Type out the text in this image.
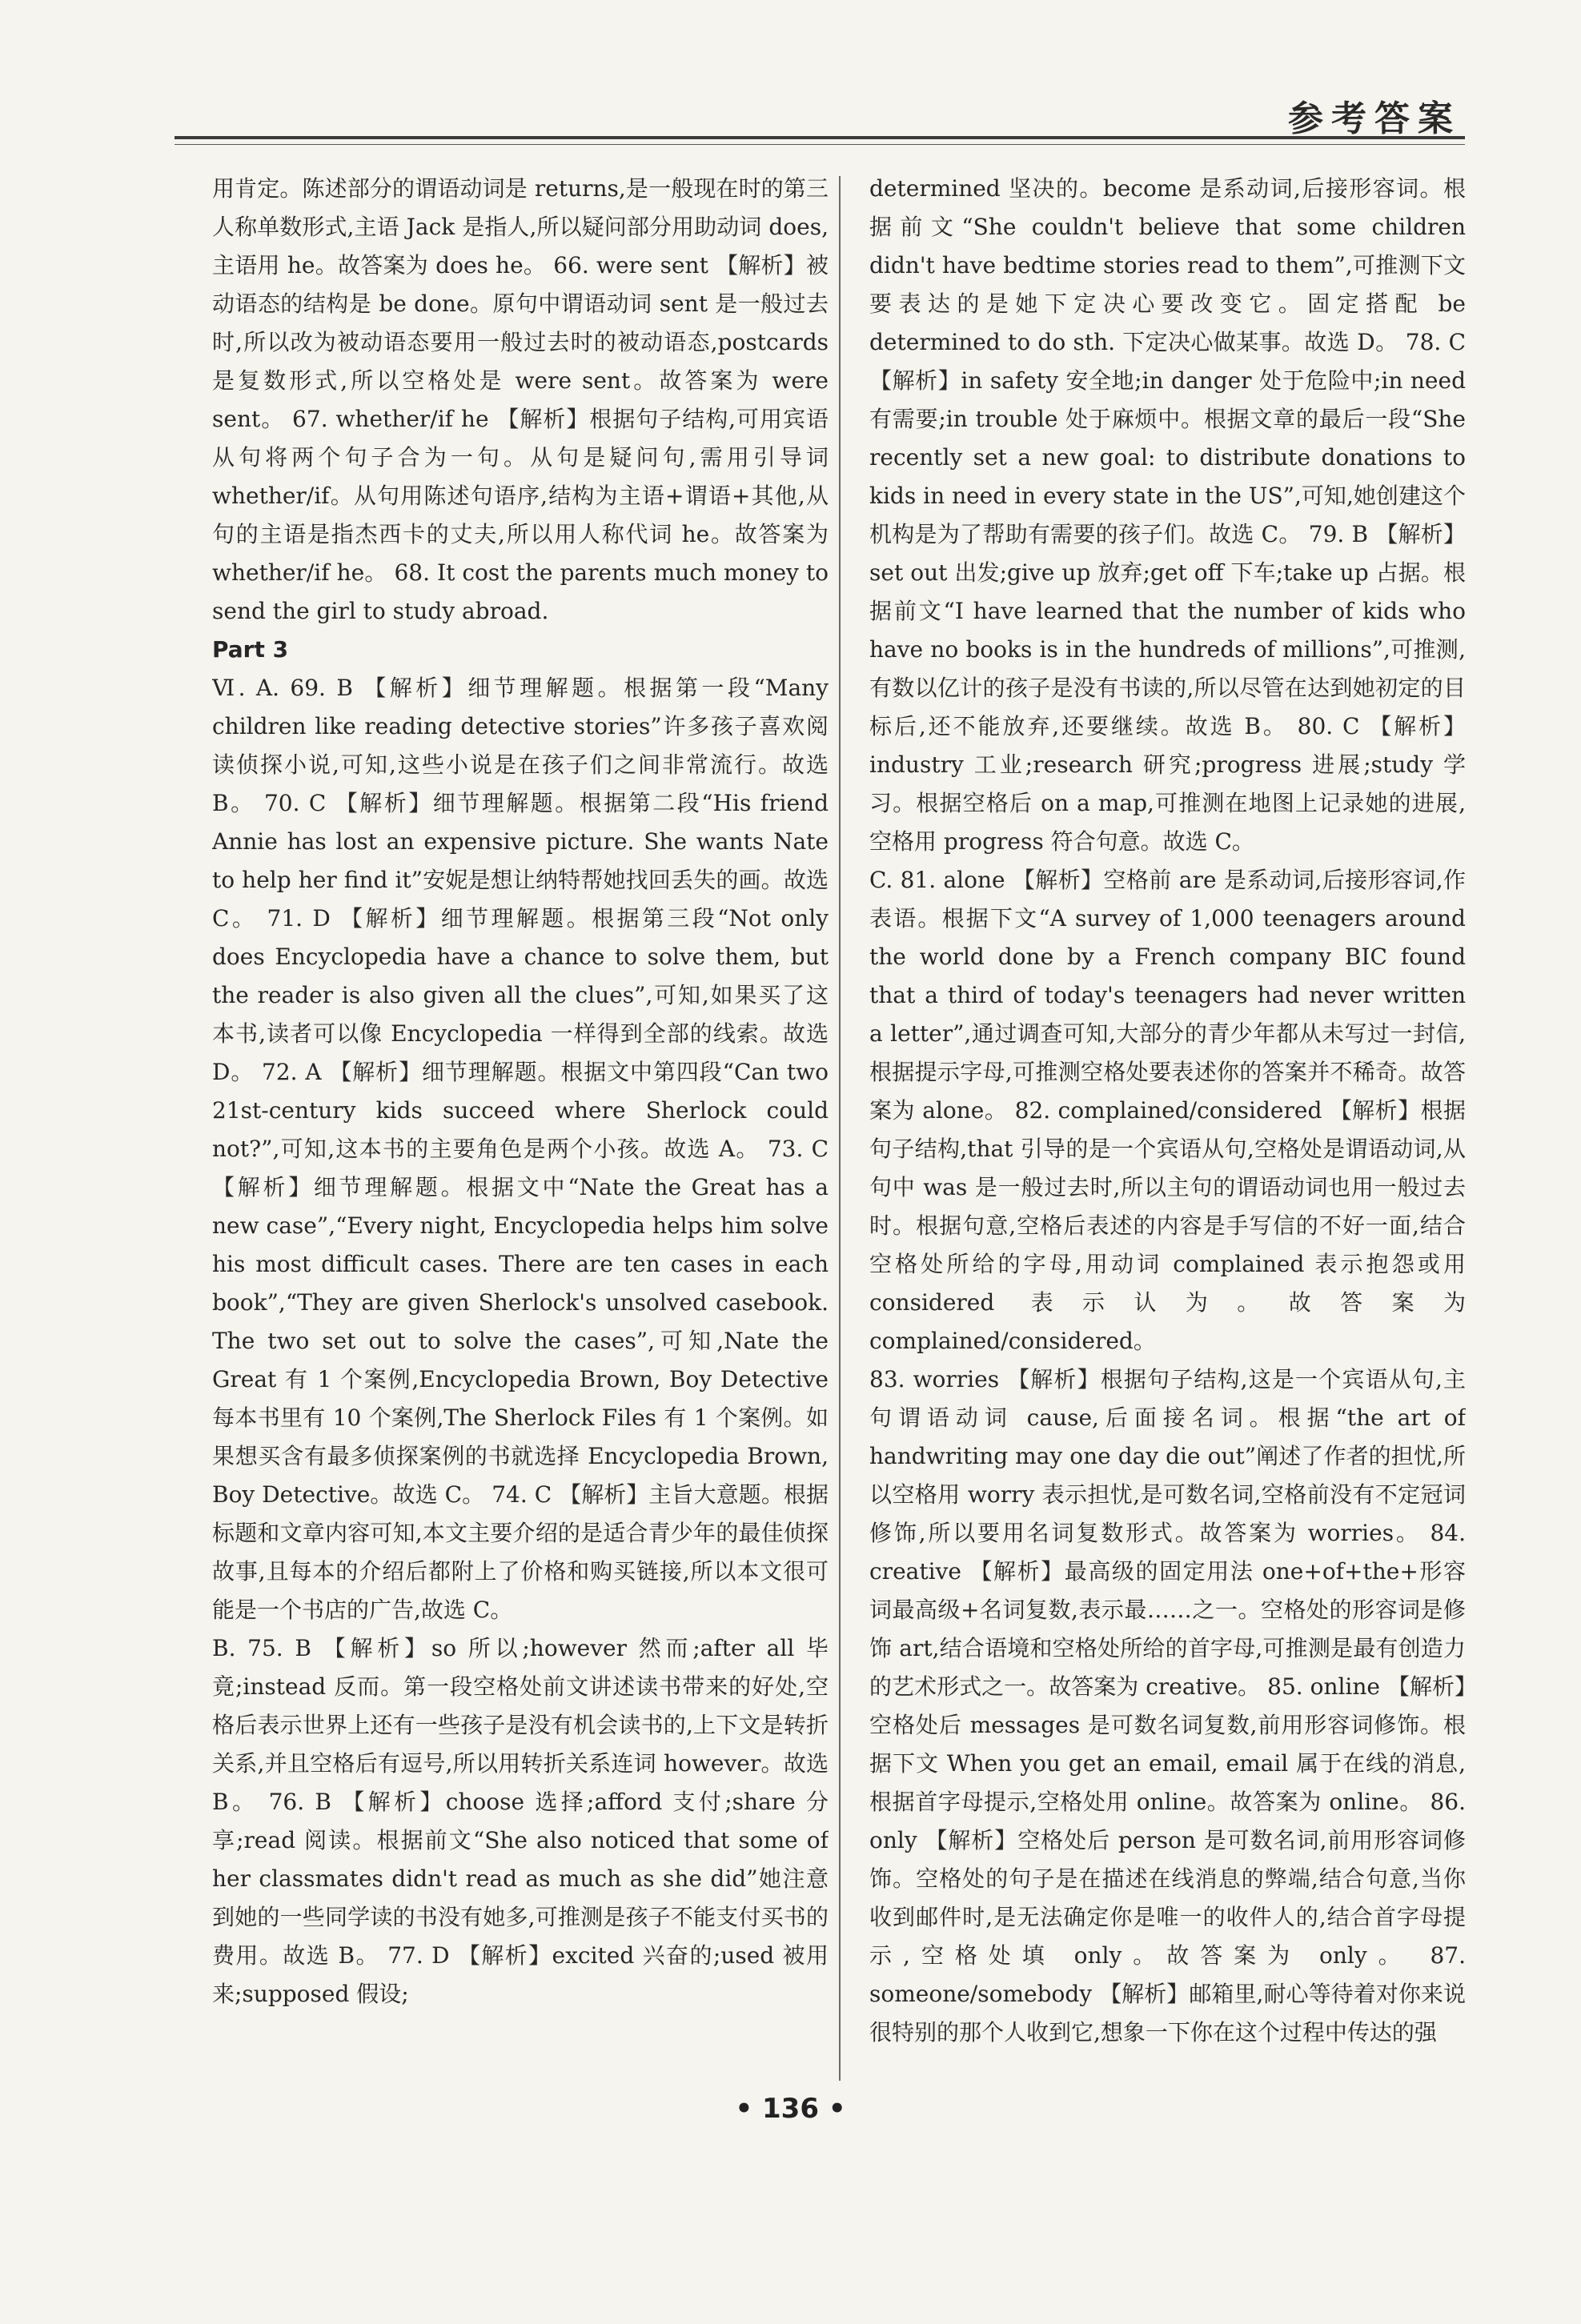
参考答案

用肯定。陈述部分的谓语动词是 returns,是一般现在时的第三人称单数形式,主语 Jack 是指人,所以疑问部分用助动词 does,主语用 he。故答案为 does he。 66. were sent 【解析】被动语态的结构是 be done。原句中谓语动词 sent 是一般过去时,所以改为被动语态要用一般过去时的被动语态,postcards 是复数形式,所以空格处是 were sent。故答案为 were sent。 67. whether/if he 【解析】根据句子结构,可用宾语从句将两个句子合为一句。从句是疑问句,需用引导词 whether/if。从句用陈述句语序,结构为主语+谓语+其他,从句的主语是指杰西卡的丈夫,所以用人称代词 he。故答案为 whether/if he。 68. It cost the parents much money to send the girl to study abroad.

Part 3

Ⅵ. A. 69. B 【解析】细节理解题。根据第一段“Many children like reading detective stories”许多孩子喜欢阅读侦探小说,可知,这些小说是在孩子们之间非常流行。故选 B。 70. C 【解析】细节理解题。根据第二段“His friend Annie has lost an expensive picture. She wants Nate to help her find it”安妮是想让纳特帮她找回丢失的画。故选 C。 71. D 【解析】细节理解题。根据第三段“Not only does Encyclopedia have a chance to solve them, but the reader is also given all the clues”,可知,如果买了这本书,读者可以像 Encyclopedia 一样得到全部的线索。故选 D。 72. A 【解析】细节理解题。根据文中第四段“Can two 21st-century kids succeed where Sherlock could not?”,可知,这本书的主要角色是两个小孩。故选 A。 73. C 【解析】细节理解题。根据文中“Nate the Great has a new case”,“Every night, Encyclopedia helps him solve his most difficult cases. There are ten cases in each book”,“They are given Sherlock's unsolved casebook. The two set out to solve the cases”,可知,Nate the Great 有 1 个案例,Encyclopedia Brown, Boy Detective 每本书里有 10 个案例,The Sherlock Files 有 1 个案例。如果想买含有最多侦探案例的书就选择 Encyclopedia Brown, Boy Detective。故选 C。 74. C 【解析】主旨大意题。根据标题和文章内容可知,本文主要介绍的是适合青少年的最佳侦探故事,且每本的介绍后都附上了价格和购买链接,所以本文很可能是一个书店的广告,故选 C。

B. 75. B 【解析】so 所以;however 然而;after all 毕竟;instead 反而。第一段空格处前文讲述读书带来的好处,空格后表示世界上还有一些孩子是没有机会读书的,上下文是转折关系,并且空格后有逗号,所以用转折关系连词 however。故选 B。 76. B 【解析】choose 选择;afford 支付;share 分享;read 阅读。根据前文“She also noticed that some of her classmates didn't read as much as she did”她注意到她的一些同学读的书没有她多,可推测是孩子不能支付买书的费用。故选 B。 77. D 【解析】excited 兴奋的;used 被用来;supposed 假设;

determined 坚决的。become 是系动词,后接形容词。根据前文“She couldn't believe that some children didn't have bedtime stories read to them”,可推测下文要表达的是她下定决心要改变它。固定搭配 be determined to do sth. 下定决心做某事。故选 D。 78. C 【解析】in safety 安全地;in danger 处于危险中;in need 有需要;in trouble 处于麻烦中。根据文章的最后一段“She recently set a new goal: to distribute donations to kids in need in every state in the US”,可知,她创建这个机构是为了帮助有需要的孩子们。故选 C。 79. B 【解析】set out 出发;give up 放弃;get off 下车;take up 占据。根据前文“I have learned that the number of kids who have no books is in the hundreds of millions”,可推测,有数以亿计的孩子是没有书读的,所以尽管在达到她初定的目标后,还不能放弃,还要继续。故选 B。 80. C 【解析】industry 工业;research 研究;progress 进展;study 学习。根据空格后 on a map,可推测在地图上记录她的进展,空格用 progress 符合句意。故选 C。

C. 81. alone 【解析】空格前 are 是系动词,后接形容词,作表语。根据下文“A survey of 1,000 teenagers around the world done by a French company BIC found that a third of today's teenagers had never written a letter”,通过调查可知,大部分的青少年都从未写过一封信,根据提示字母,可推测空格处要表述你的答案并不稀奇。故答案为 alone。 82. complained/considered 【解析】根据句子结构,that 引导的是一个宾语从句,空格处是谓语动词,从句中 was 是一般过去时,所以主句的谓语动词也用一般过去时。根据句意,空格后表述的内容是手写信的不好一面,结合空格处所给的字母,用动词 complained 表示抱怨或用 considered 表示认为。故答案为 complained/considered。

83. worries 【解析】根据句子结构,这是一个宾语从句,主句谓语动词 cause,后面接名词。根据“the art of handwriting may one day die out”阐述了作者的担忧,所以空格用 worry 表示担忧,是可数名词,空格前没有不定冠词修饰,所以要用名词复数形式。故答案为 worries。 84. creative 【解析】最高级的固定用法 one+of+the+形容词最高级+名词复数,表示最……之一。空格处的形容词是修饰 art,结合语境和空格处所给的首字母,可推测是最有创造力的艺术形式之一。故答案为 creative。 85. online 【解析】空格处后 messages 是可数名词复数,前用形容词修饰。根据下文 When you get an email, email 属于在线的消息,根据首字母提示,空格处用 online。故答案为 online。 86. only 【解析】空格处后 person 是可数名词,前用形容词修饰。空格处的句子是在描述在线消息的弊端,结合句意,当你收到邮件时,是无法确定你是唯一的收件人的,结合首字母提示,空格处填 only。故答案为 only。 87. someone/somebody 【解析】邮箱里,耐心等待着对你来说很特别的那个人收到它,想象一下你在这个过程中传达的强

• 136 •
